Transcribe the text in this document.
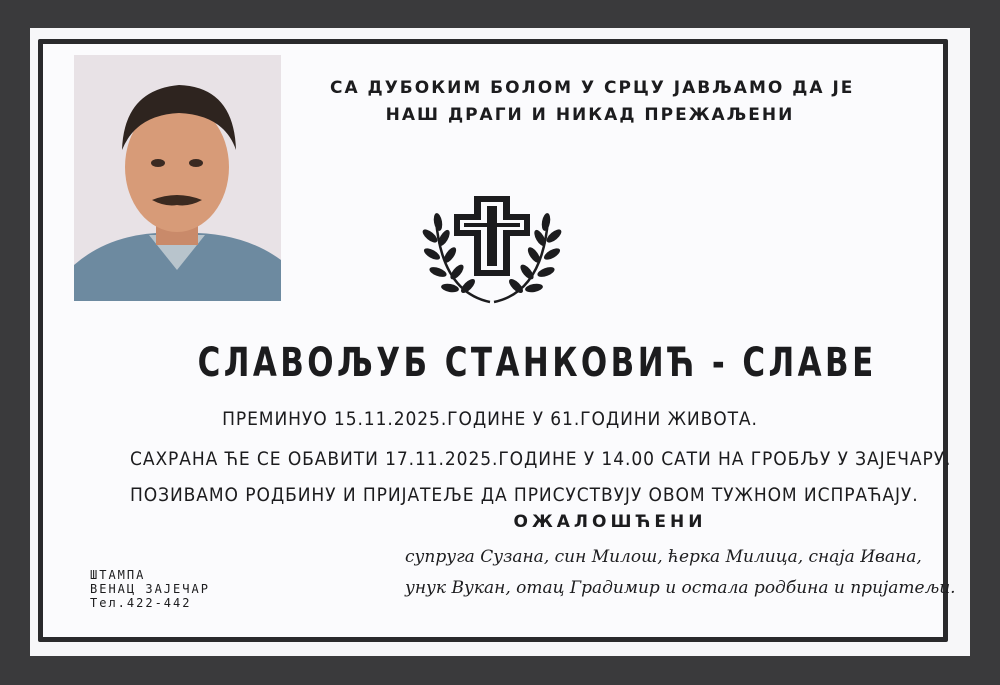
СА ДУБОКИМ БОЛОМ У СРЦУ ЈАВЉАМО ДА ЈЕ
НАШ ДРАГИ И НИКАД ПРЕЖАЉЕНИ
СЛАВОЉУБ СТАНКОВИЋ - СЛАВЕ
ПРЕМИНУО 15.11.2025.ГОДИНЕ У 61.ГОДИНИ ЖИВОТА.
САХРАНА ЋЕ СЕ ОБАВИТИ 17.11.2025.ГОДИНЕ У 14.00 САТИ НА ГРОБЉУ У ЗАЈЕЧАРУ.
ПОЗИВАМО РОДБИНУ И ПРИЈАТЕЉЕ ДА ПРИСУСТВУЈУ ОВОМ ТУЖНОМ ИСПРАЋАЈУ.
ОЖАЛОШЋЕНИ
супруга Сузана, син Милош, ћерка Милица, снаја Ивана,
унук Вукан, отац Градимир и остала родбина и пријатељи.
ШТАМПА
ВЕНАЦ ЗАЈЕЧАР
Тел.422-442
